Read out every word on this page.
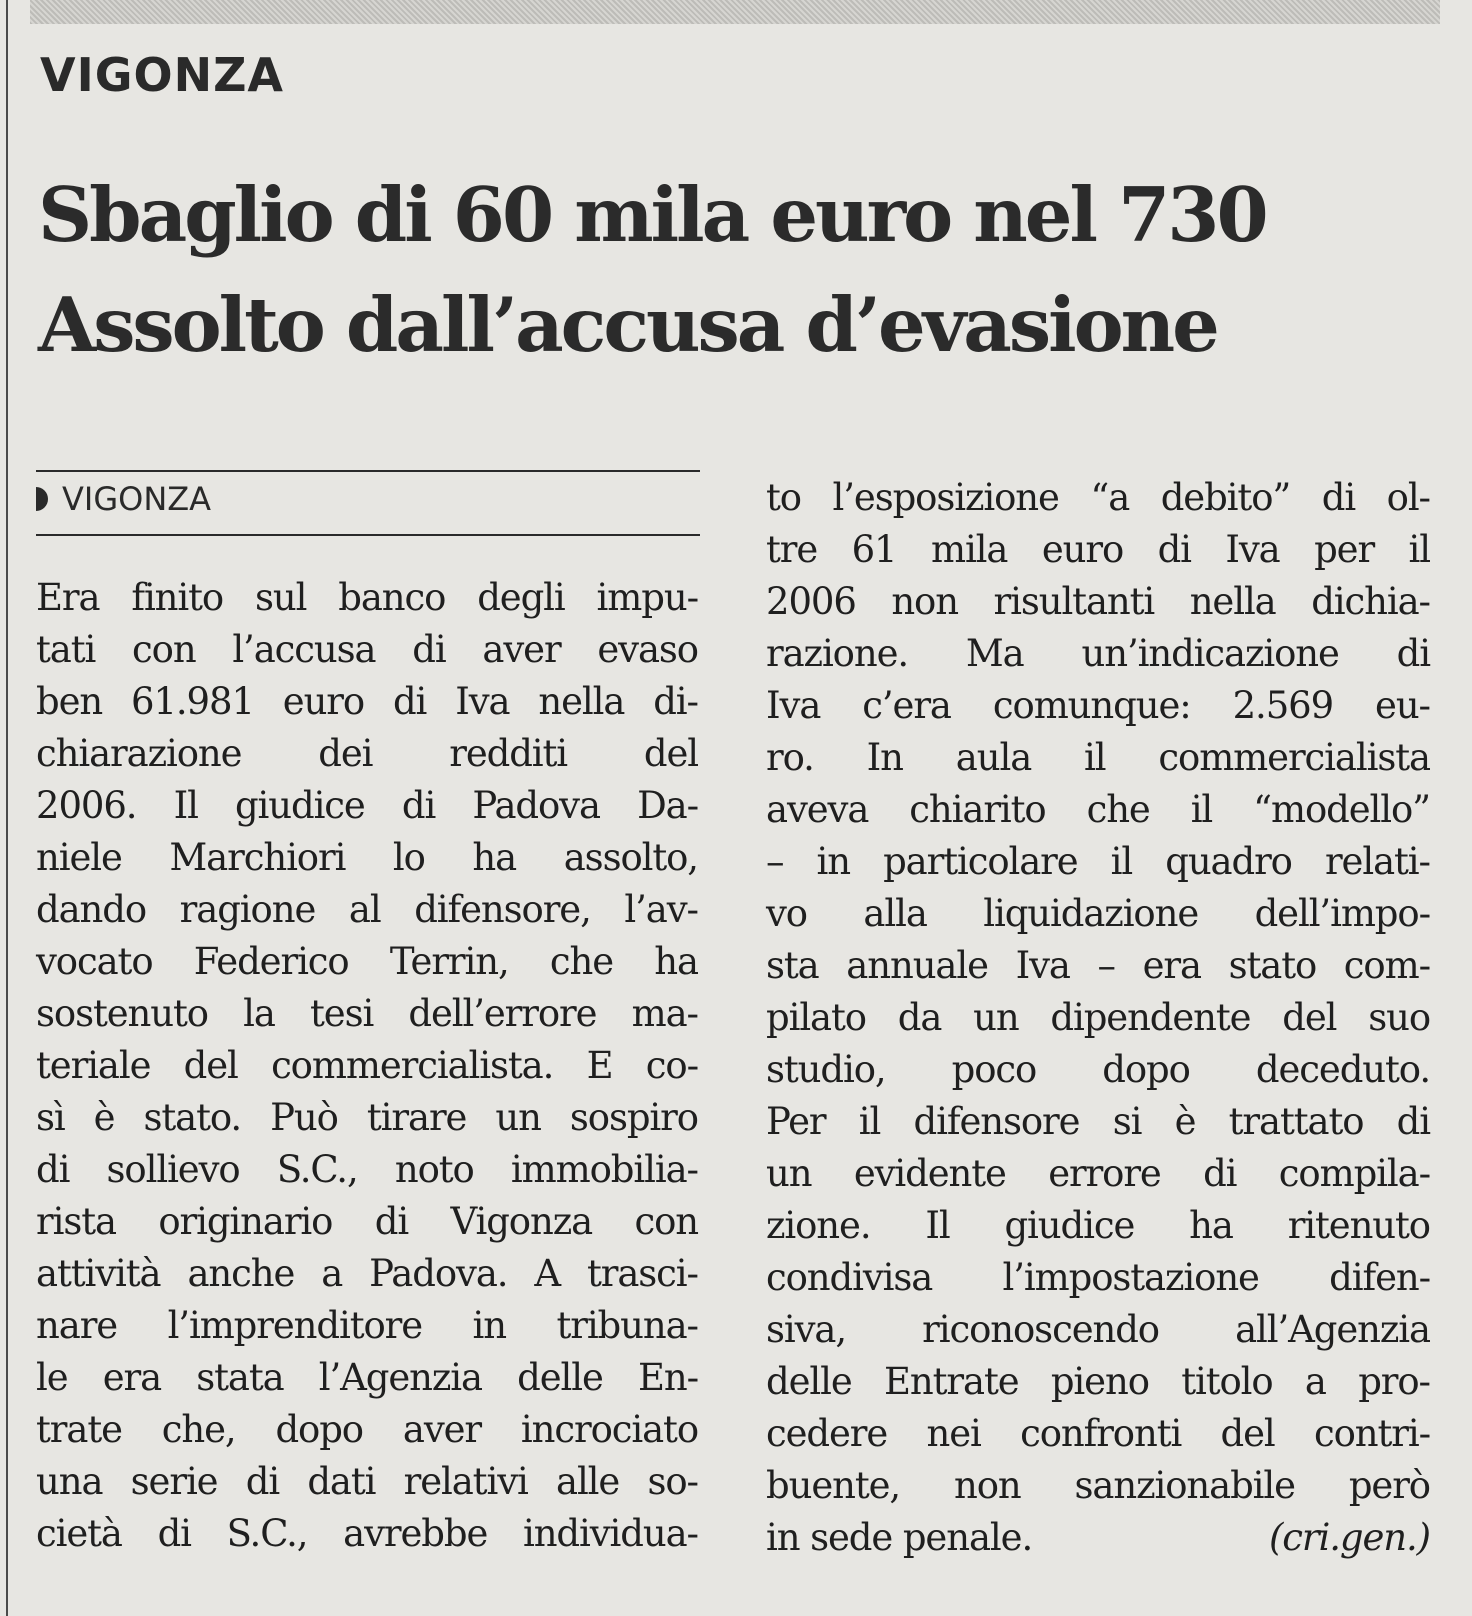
VIGONZA
Sbaglio di 60 mila euro nel 730
Assolto dall’accusa d’evasione
VIGONZA
Era finito sul banco degli impu-
tati con l’accusa di aver evaso
ben 61.981 euro di Iva nella di-
chiarazione dei redditi del
2006. Il giudice di Padova Da-
niele Marchiori lo ha assolto,
dando ragione al difensore, l’av-
vocato Federico Terrin, che ha
sostenuto la tesi dell’errore ma-
teriale del commercialista. E co-
sì è stato. Può tirare un sospiro
di sollievo S.C., noto immobilia-
rista originario di Vigonza con
attività anche a Padova. A trasci-
nare l’imprenditore in tribuna-
le era stata l’Agenzia delle En-
trate che, dopo aver incrociato
una serie di dati relativi alle so-
cietà di S.C., avrebbe individua-
to l’esposizione “a debito” di ol-
tre 61 mila euro di Iva per il
2006 non risultanti nella dichia-
razione. Ma un’indicazione di
Iva c’era comunque: 2.569 eu-
ro. In aula il commercialista
aveva chiarito che il “modello”
– in particolare il quadro relati-
vo alla liquidazione dell’impo-
sta annuale Iva – era stato com-
pilato da un dipendente del suo
studio, poco dopo deceduto.
Per il difensore si è trattato di
un evidente errore di compila-
zione. Il giudice ha ritenuto
condivisa l’impostazione difen-
siva, riconoscendo all’Agenzia
delle Entrate pieno titolo a pro-
cedere nei confronti del contri-
buente, non sanzionabile però
in sede penale.	(cri.gen.)
